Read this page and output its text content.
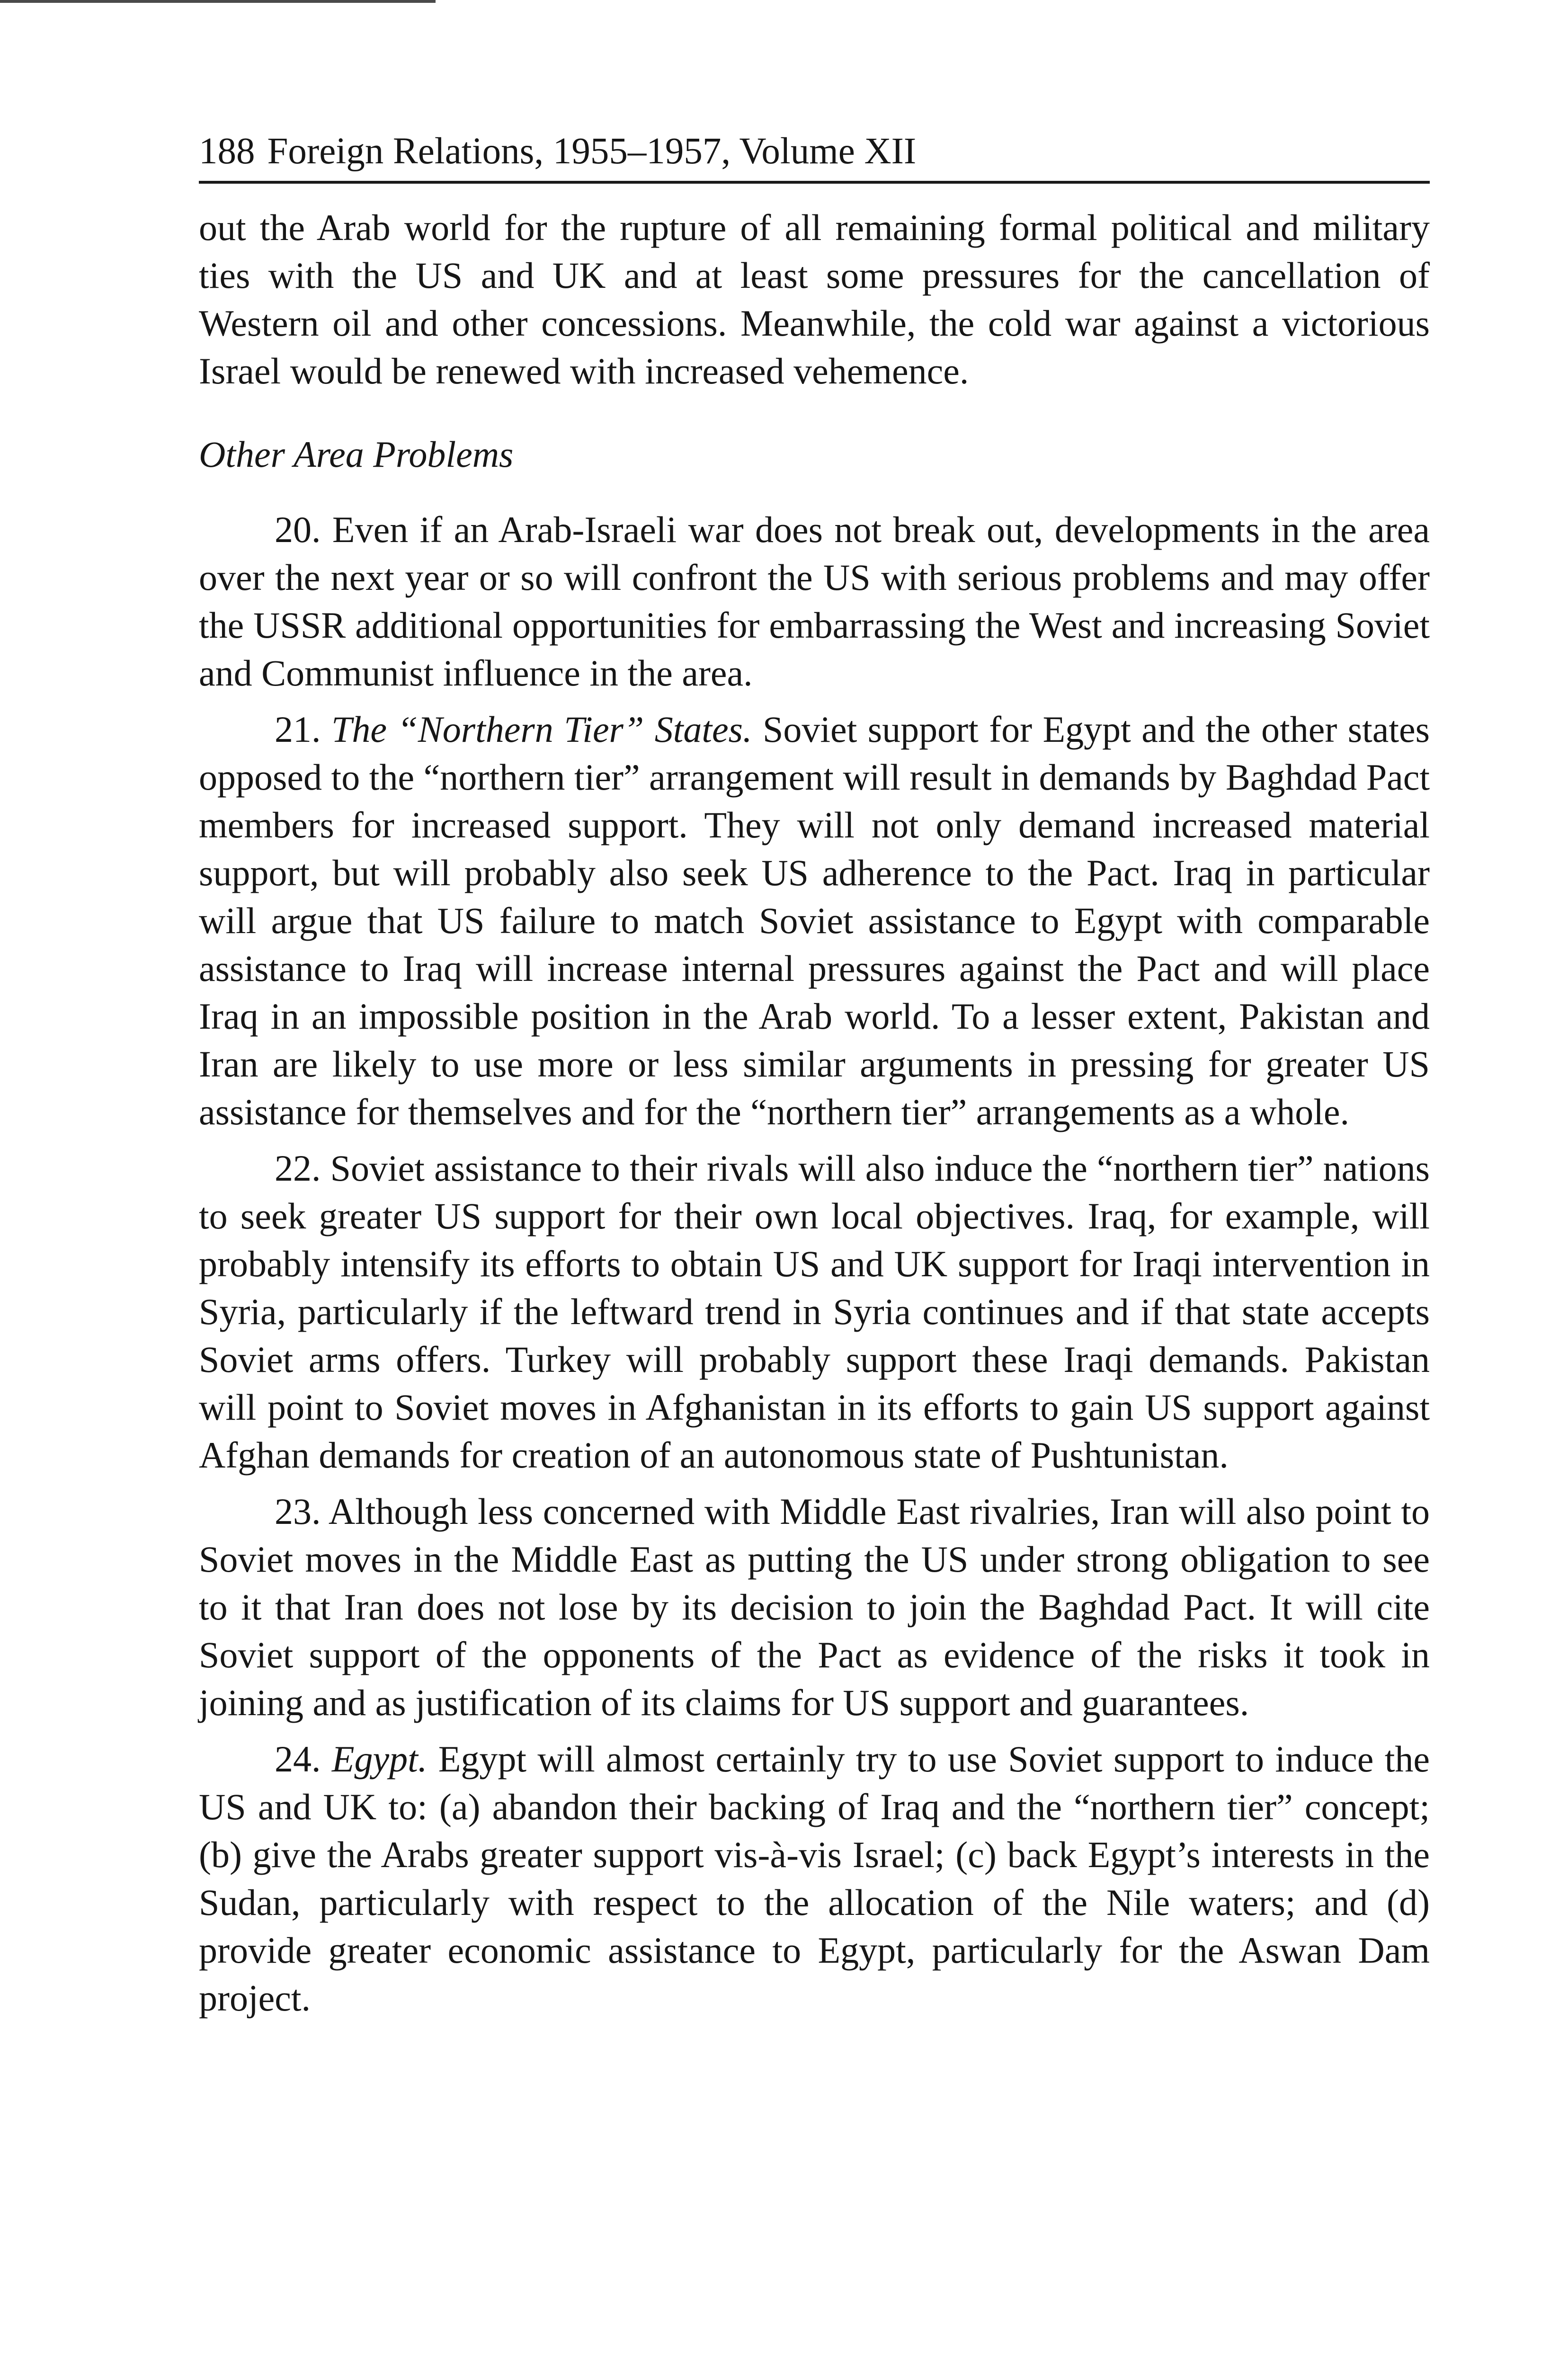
188 Foreign Relations, 1955–1957, Volume XII

out the Arab world for the rupture of all remaining formal political and military ties with the US and UK and at least some pressures for the cancellation of Western oil and other concessions. Meanwhile, the cold war against a victorious Israel would be renewed with increased vehemence.

Other Area Problems

20. Even if an Arab-Israeli war does not break out, developments in the area over the next year or so will confront the US with serious problems and may offer the USSR additional opportunities for embarrassing the West and increasing Soviet and Communist influence in the area.

21. The “Northern Tier” States. Soviet support for Egypt and the other states opposed to the “northern tier” arrangement will result in demands by Baghdad Pact members for increased support. They will not only demand increased material support, but will probably also seek US adherence to the Pact. Iraq in particular will argue that US failure to match Soviet assistance to Egypt with comparable assistance to Iraq will increase internal pressures against the Pact and will place Iraq in an impossible position in the Arab world. To a lesser extent, Pakistan and Iran are likely to use more or less similar arguments in pressing for greater US assistance for themselves and for the “northern tier” arrangements as a whole.

22. Soviet assistance to their rivals will also induce the “northern tier” nations to seek greater US support for their own local objectives. Iraq, for example, will probably intensify its efforts to obtain US and UK support for Iraqi intervention in Syria, particularly if the leftward trend in Syria continues and if that state accepts Soviet arms offers. Turkey will probably support these Iraqi demands. Pakistan will point to Soviet moves in Afghanistan in its efforts to gain US support against Afghan demands for creation of an autonomous state of Pushtunistan.

23. Although less concerned with Middle East rivalries, Iran will also point to Soviet moves in the Middle East as putting the US under strong obligation to see to it that Iran does not lose by its decision to join the Baghdad Pact. It will cite Soviet support of the opponents of the Pact as evidence of the risks it took in joining and as justification of its claims for US support and guarantees.

24. Egypt. Egypt will almost certainly try to use Soviet support to induce the US and UK to: (a) abandon their backing of Iraq and the “northern tier” concept; (b) give the Arabs greater support vis-à-vis Israel; (c) back Egypt’s interests in the Sudan, particularly with respect to the allocation of the Nile waters; and (d) provide greater economic assistance to Egypt, particularly for the Aswan Dam project.
